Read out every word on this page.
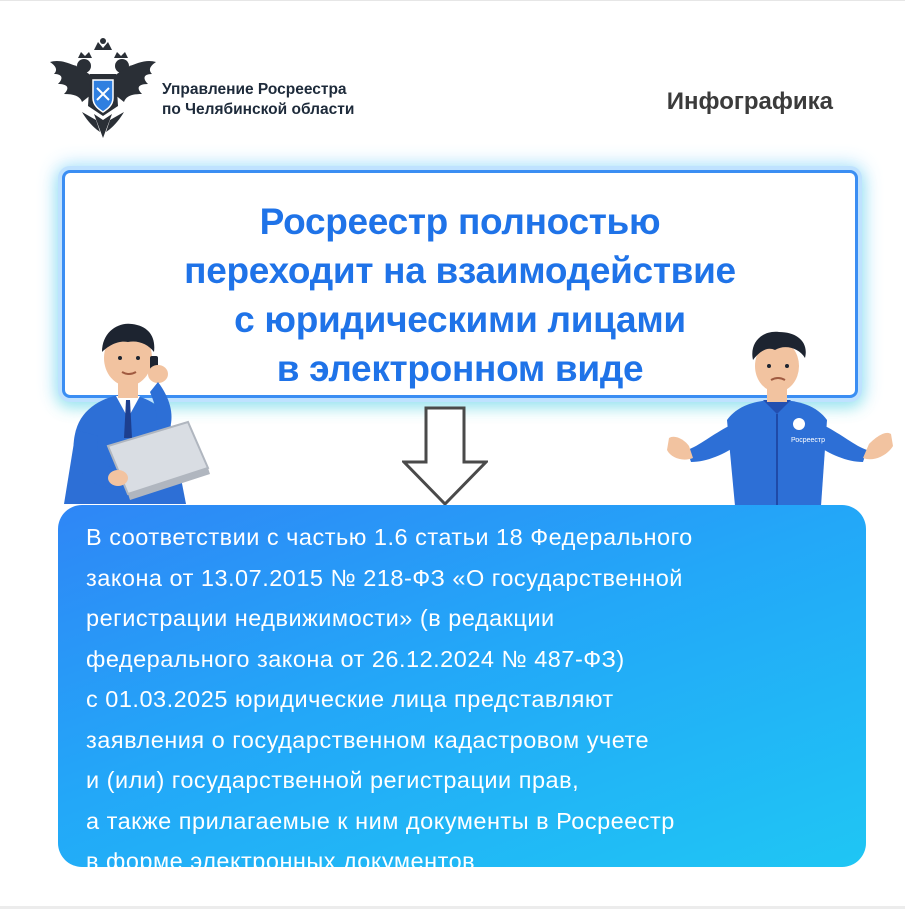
Управление Росреестра
по Челябинской области	Инфографика
Росреестр полностью
переходит на взаимодействие
с юридическими лицами
в электронном виде
Росреестр
В соответствии с частью 1.6 статьи 18 Федерального
закона от 13.07.2015 № 218-ФЗ «О государственной
регистрации недвижимости» (в редакции
федерального закона от 26.12.2024 № 487-ФЗ)
с 01.03.2025 юридические лица представляют
заявления о государственном кадастровом учете
и (или) государственной регистрации прав,
а также прилагаемые к ним документы в Росреестр
в форме электронных документов
